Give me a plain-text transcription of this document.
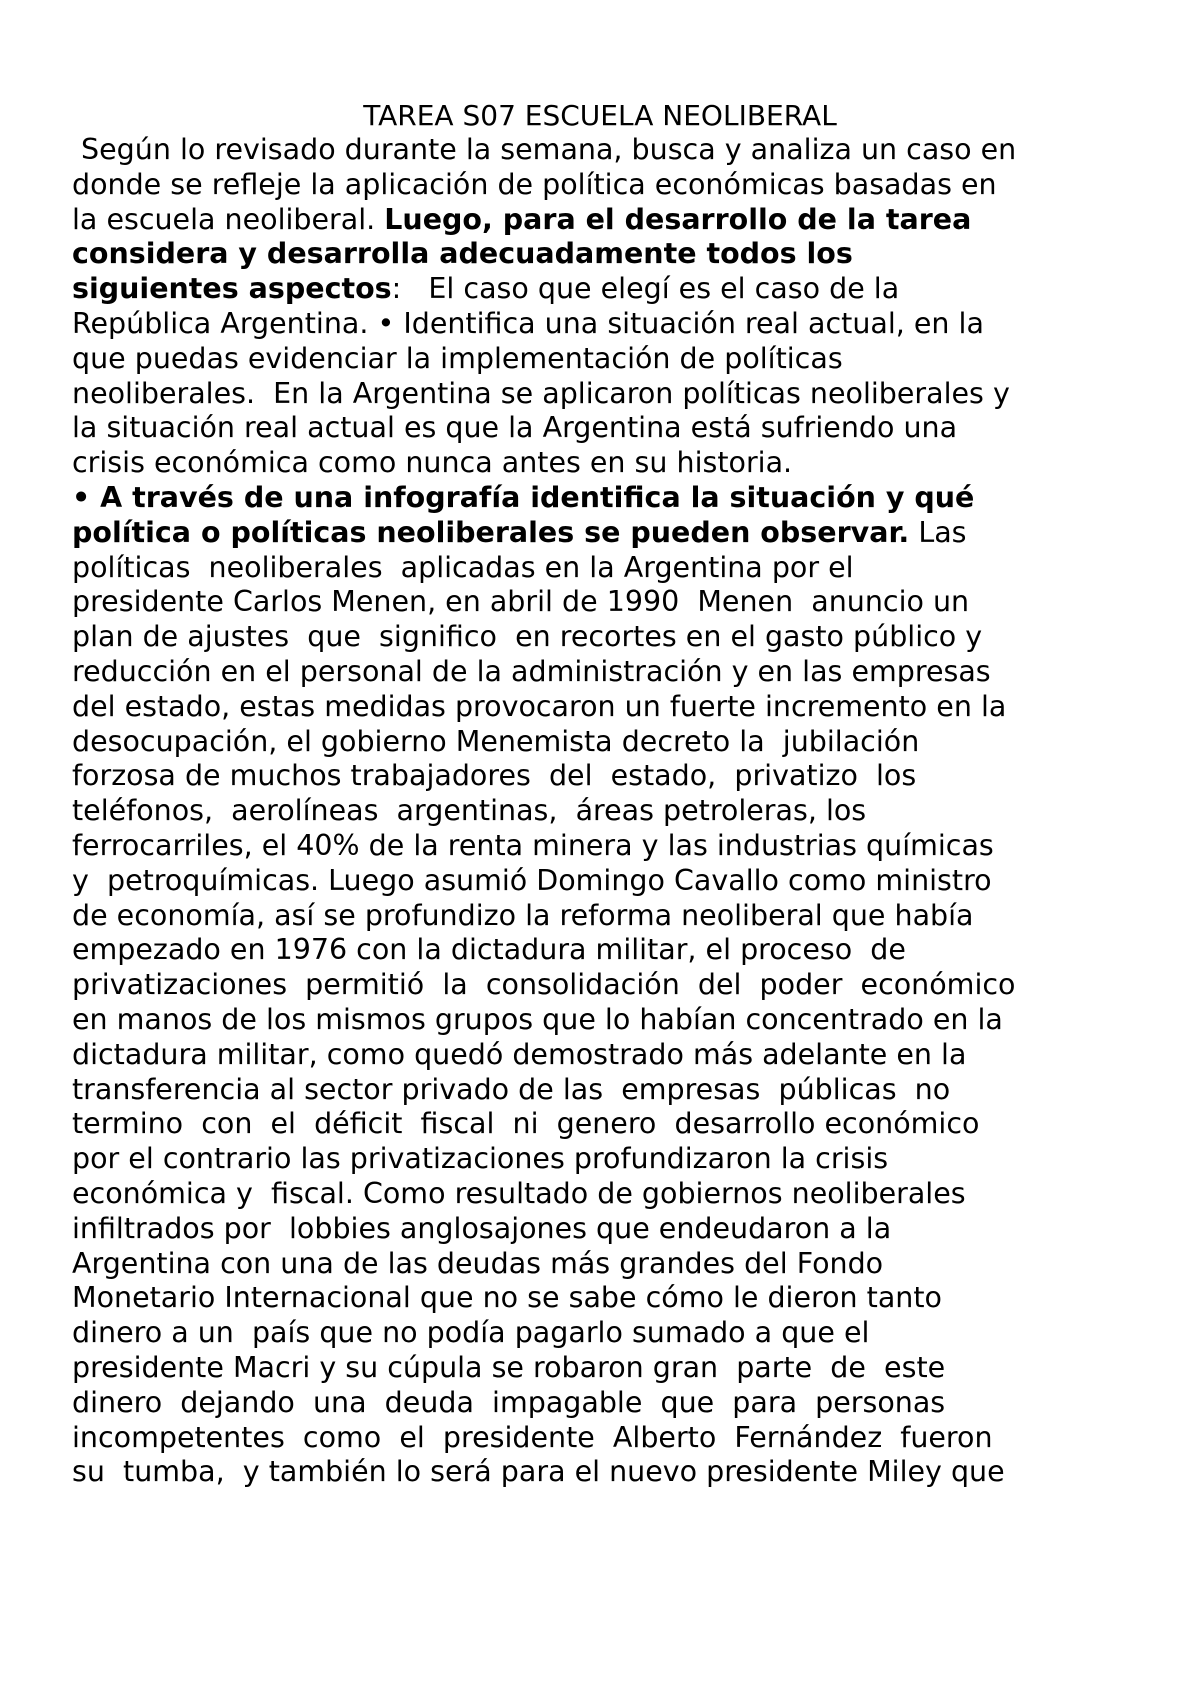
TAREA S07 ESCUELA NEOLIBERAL
Según lo revisado durante la semana, busca y analiza un caso en
donde se refleje la aplicación de política económicas basadas en
la escuela neoliberal. Luego, para el desarrollo de la tarea
considera y desarrolla adecuadamente todos los
siguientes aspectos:   El caso que elegí es el caso de la
República Argentina. • Identifica una situación real actual, en la
que puedas evidenciar la implementación de políticas
neoliberales.  En la Argentina se aplicaron políticas neoliberales y
la situación real actual es que la Argentina está sufriendo una
crisis económica como nunca antes en su historia.
• A través de una infografía identifica la situación y qué
política o políticas neoliberales se pueden observar. Las
políticas  neoliberales  aplicadas en la Argentina por el
presidente Carlos Menen, en abril de 1990  Menen  anuncio un
plan de ajustes  que  significo  en recortes en el gasto público y
reducción en el personal de la administración y en las empresas
del estado, estas medidas provocaron un fuerte incremento en la
desocupación, el gobierno Menemista decreto la  jubilación
forzosa de muchos trabajadores  del  estado,  privatizo  los
teléfonos,  aerolíneas  argentinas,  áreas petroleras, los
ferrocarriles, el 40% de la renta minera y las industrias químicas
y  petroquímicas. Luego asumió Domingo Cavallo como ministro
de economía, así se profundizo la reforma neoliberal que había
empezado en 1976 con la dictadura militar, el proceso  de
privatizaciones  permitió  la  consolidación  del  poder  económico
en manos de los mismos grupos que lo habían concentrado en la
dictadura militar, como quedó demostrado más adelante en la
transferencia al sector privado de las  empresas  públicas  no
termino  con  el  déficit  fiscal  ni  genero  desarrollo económico
por el contrario las privatizaciones profundizaron la crisis
económica y  fiscal. Como resultado de gobiernos neoliberales
infiltrados por  lobbies anglosajones que endeudaron a la
Argentina con una de las deudas más grandes del Fondo
Monetario Internacional que no se sabe cómo le dieron tanto
dinero a un  país que no podía pagarlo sumado a que el
presidente Macri y su cúpula se robaron gran  parte  de  este
dinero  dejando  una  deuda  impagable  que  para  personas
incompetentes  como  el  presidente  Alberto  Fernández  fueron
su  tumba,  y también lo será para el nuevo presidente Miley que
